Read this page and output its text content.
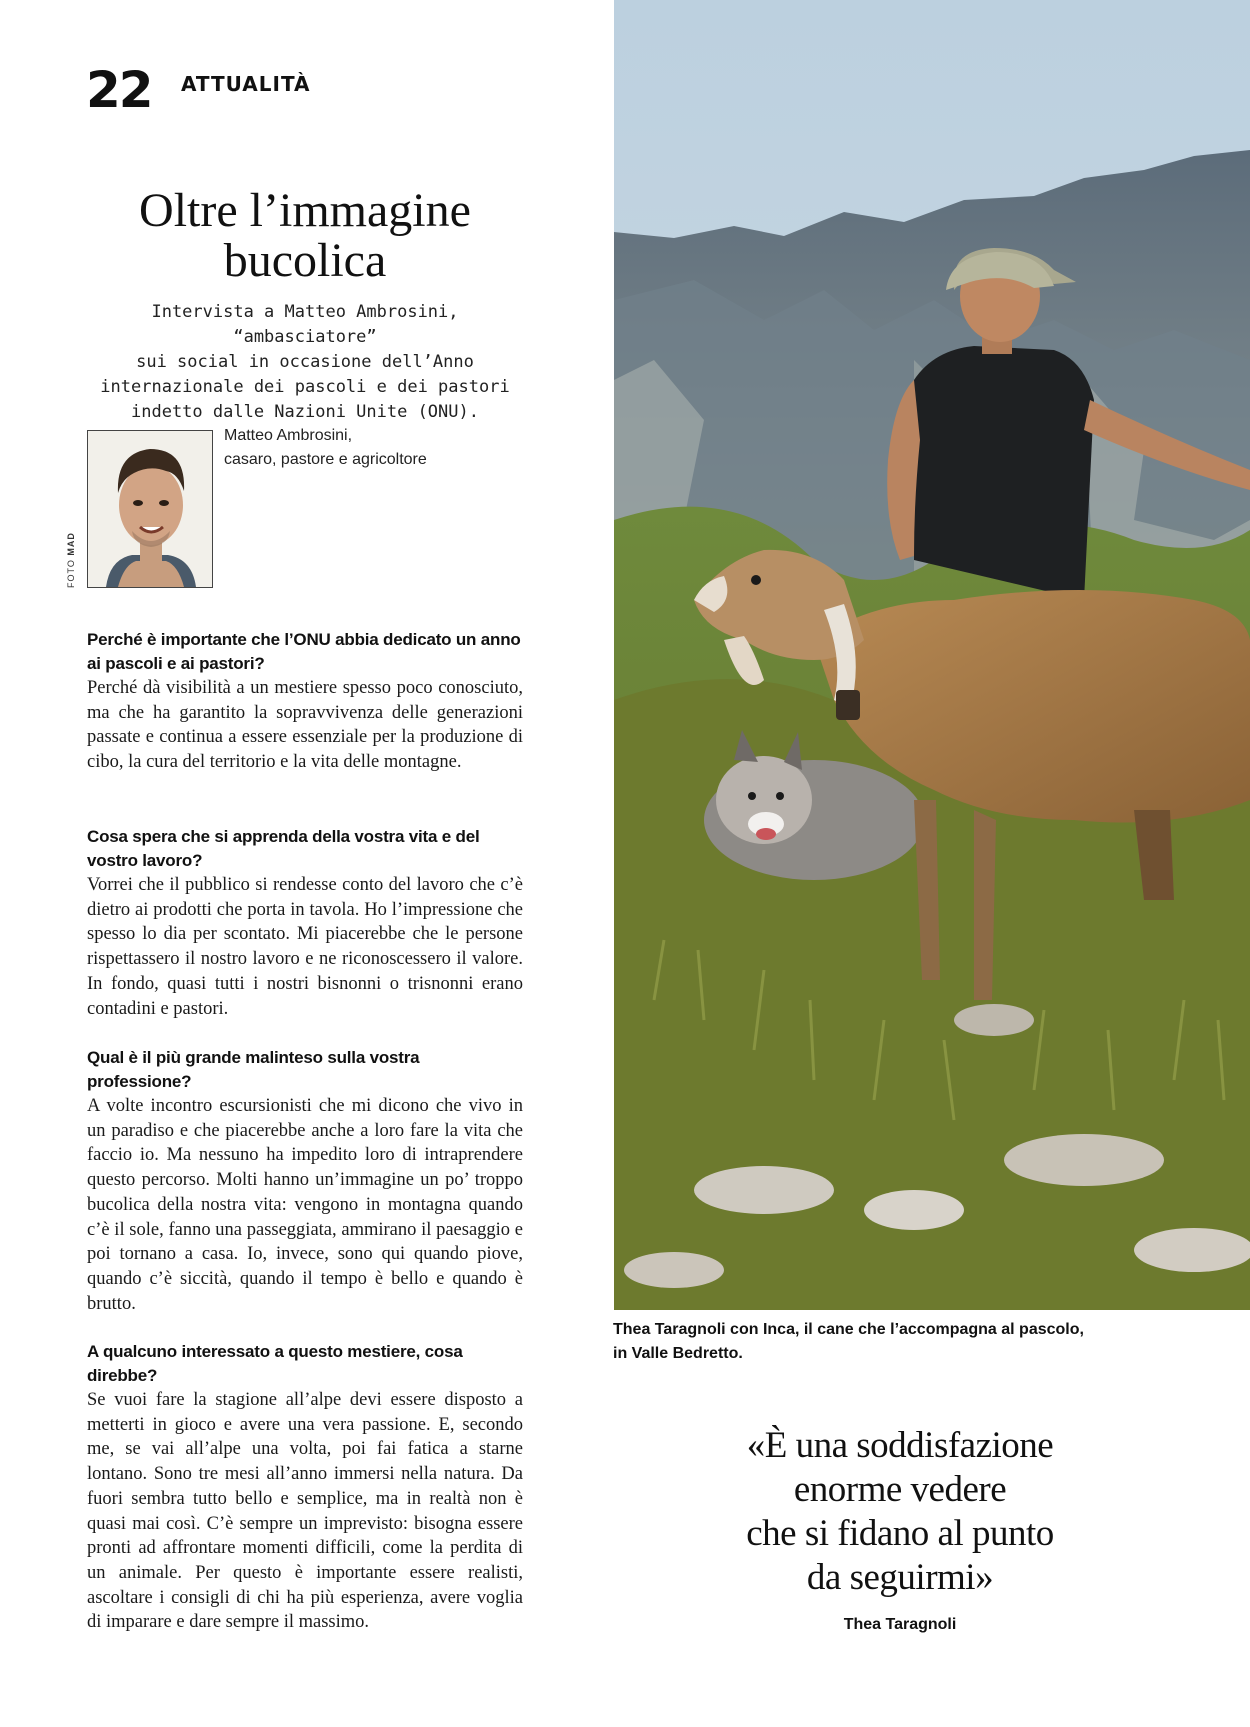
22 ATTUALITÀ
Oltre l’immagine
bucolica
Intervista a Matteo Ambrosini, “ambasciatore”
sui social in occasione dell’Anno
internazionale dei pascoli e dei pastori
indetto dalle Nazioni Unite (ONU).
FOTO MAD
Matteo Ambrosini,
casaro, pastore e agricoltore
Perché è importante che l’ONU abbia dedicato un anno ai pascoli e ai pastori?
Perché dà visibilità a un mestiere spesso poco conosciuto, ma che ha garantito la sopravvivenza delle generazioni passate e continua a essere essenziale per la produzione di cibo, la cura del territorio e la vita delle montagne.
Cosa spera che si apprenda della vostra vita e del vostro lavoro?
Vorrei che il pubblico si rendesse conto del lavoro che c’è dietro ai prodotti che porta in tavola. Ho l’impressione che spesso lo dia per scontato. Mi piacerebbe che le persone rispettassero il nostro lavoro e ne riconoscessero il valore. In fondo, quasi tutti i nostri bisnonni o trisnonni erano contadini e pastori.
Qual è il più grande malinteso sulla vostra professione?
A volte incontro escursionisti che mi dicono che vivo in un paradiso e che piacerebbe anche a loro fare la vita che faccio io. Ma nessuno ha impedito loro di intraprendere questo percorso. Molti hanno un’immagine un po’ troppo bucolica della nostra vita: vengono in montagna quando c’è il sole, fanno una passeggiata, ammirano il paesaggio e poi tornano a casa. Io, invece, sono qui quando piove, quando c’è siccità, quando il tempo è bello e quando è brutto.
A qualcuno interessato a questo mestiere, cosa direbbe?
Se vuoi fare la stagione all’alpe devi essere disposto a metterti in gioco e avere una vera passione. E, secondo me, se vai all’alpe una volta, poi fai fatica a starne lontano. Sono tre mesi all’anno immersi nella natura. Da fuori sembra tutto bello e semplice, ma in realtà non è quasi mai così. C’è sempre un imprevisto: bisogna essere pronti ad affrontare momenti difficili, come la perdita di un animale. Per questo è importante essere realisti, ascoltare i consigli di chi ha più esperienza, avere voglia di imparare e dare sempre il massimo.
Thea Taragnoli con Inca, il cane che l’accompagna al pascolo,
in Valle Bedretto.
«È una soddisfazione
enorme vedere
che si fidano al punto
da seguirmi»
Thea Taragnoli
